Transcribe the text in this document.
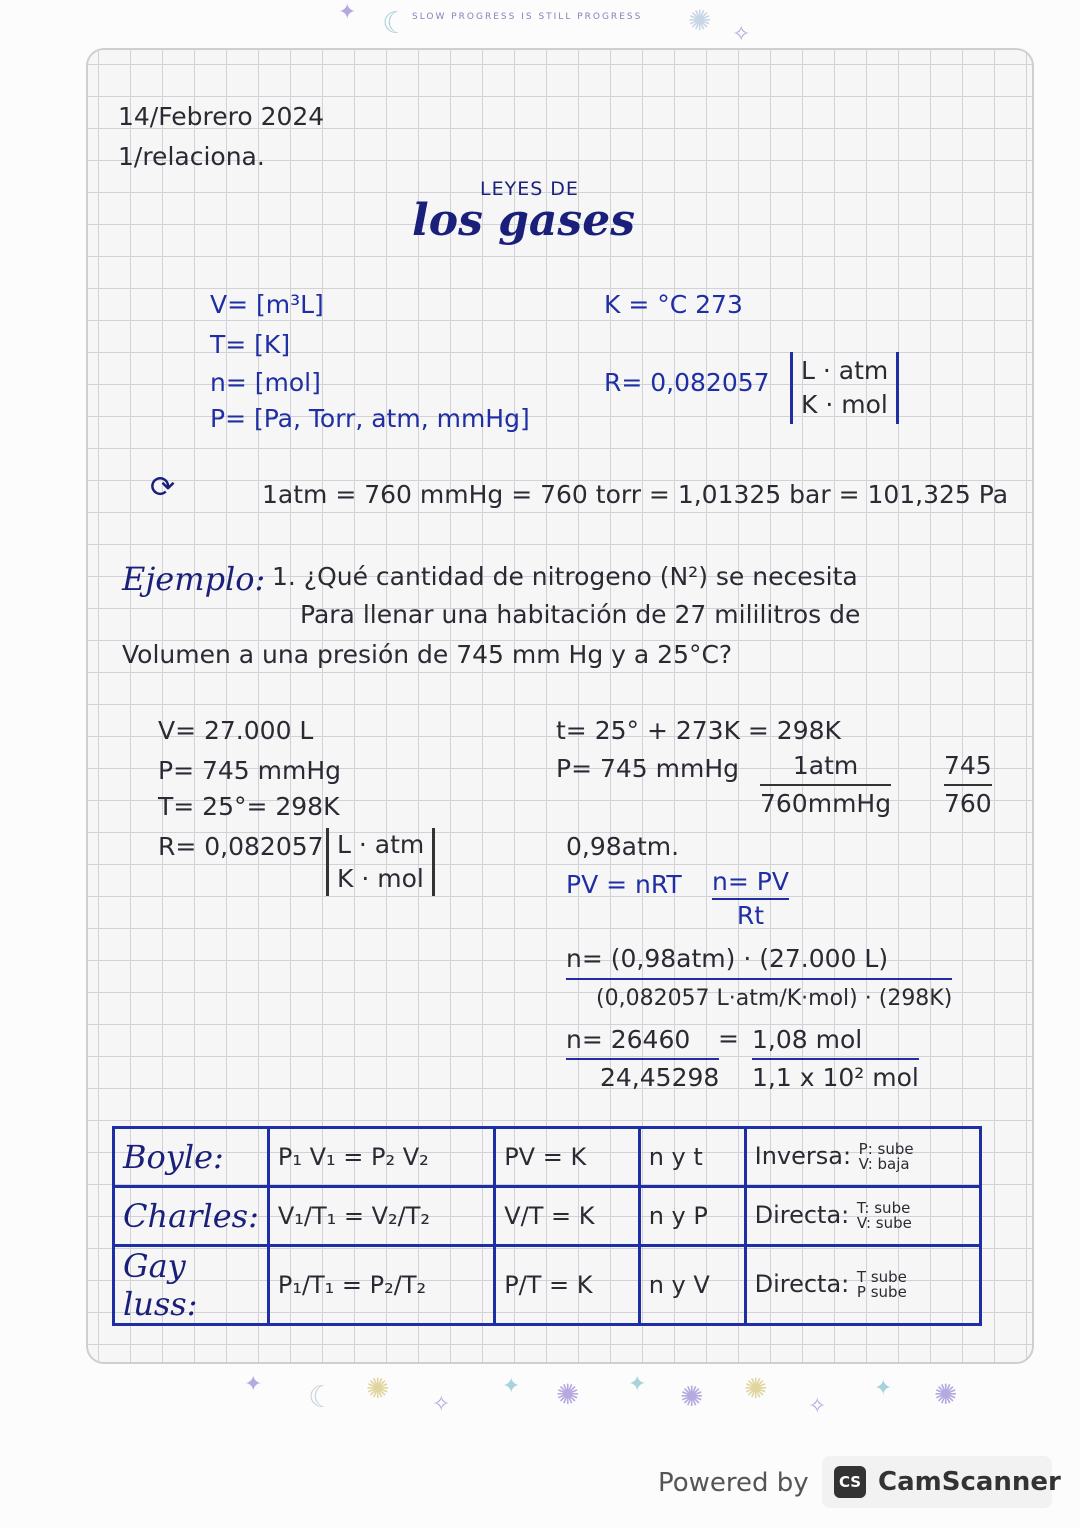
✦ ☾ SLOW PROGRESS IS STILL PROGRESS ✺ ✧
14/Febrero 2024
1/relaciona.
LEYES DE
los gases
V= [m³L]
T= [K]
n= [mol]
P= [Pa, Torr, atm, mmHg]
K = °C 273
R= 0,082057 L · atm
K · mol
⟳	1atm = 760 mmHg = 760 torr = 1,01325 bar = 101,325 Pa
Ejemplo: 1. ¿Qué cantidad de nitrogeno (N²) se necesita
Para llenar una habitación de 27 mililitros de
Volumen a una presión de 745 mm Hg y a 25°C?
V= 27.000 L
P= 745 mmHg
T= 25°= 298K
R= 0,082057 L · atm
K · mol
t= 25° + 273K = 298K
P= 745 mmHg	1atm
760mmHg $\frac{745}{760}$
0,98atm.
PV = nRT $\frac{n= PV}{Rt}$
n= (0,98atm) · (27.000 L)
(0,082057 L·atm/K·mol) · (298K)
$\frac{n= 26460}{24,45298}$
= 1,08 mol
1,1 x 10² mol
Boyle:	P₁ V₁ = P₂ V₂	PV = K	n y t	Inversa: P: sube
V: baja
Charles:	V₁/T₁ = V₂/T₂	V/T = K	n y P	Directa: T: sube
V: sube
Gay luss:	P₁/T₁ = P₂/T₂	P/T = K	n y V	Directa: T sube
P sube
✦ ☾ ✺ ✧
✦ ✺ ✦ ✺ ✺
✧
✦ ✺
Powered by	CS CamScanner
